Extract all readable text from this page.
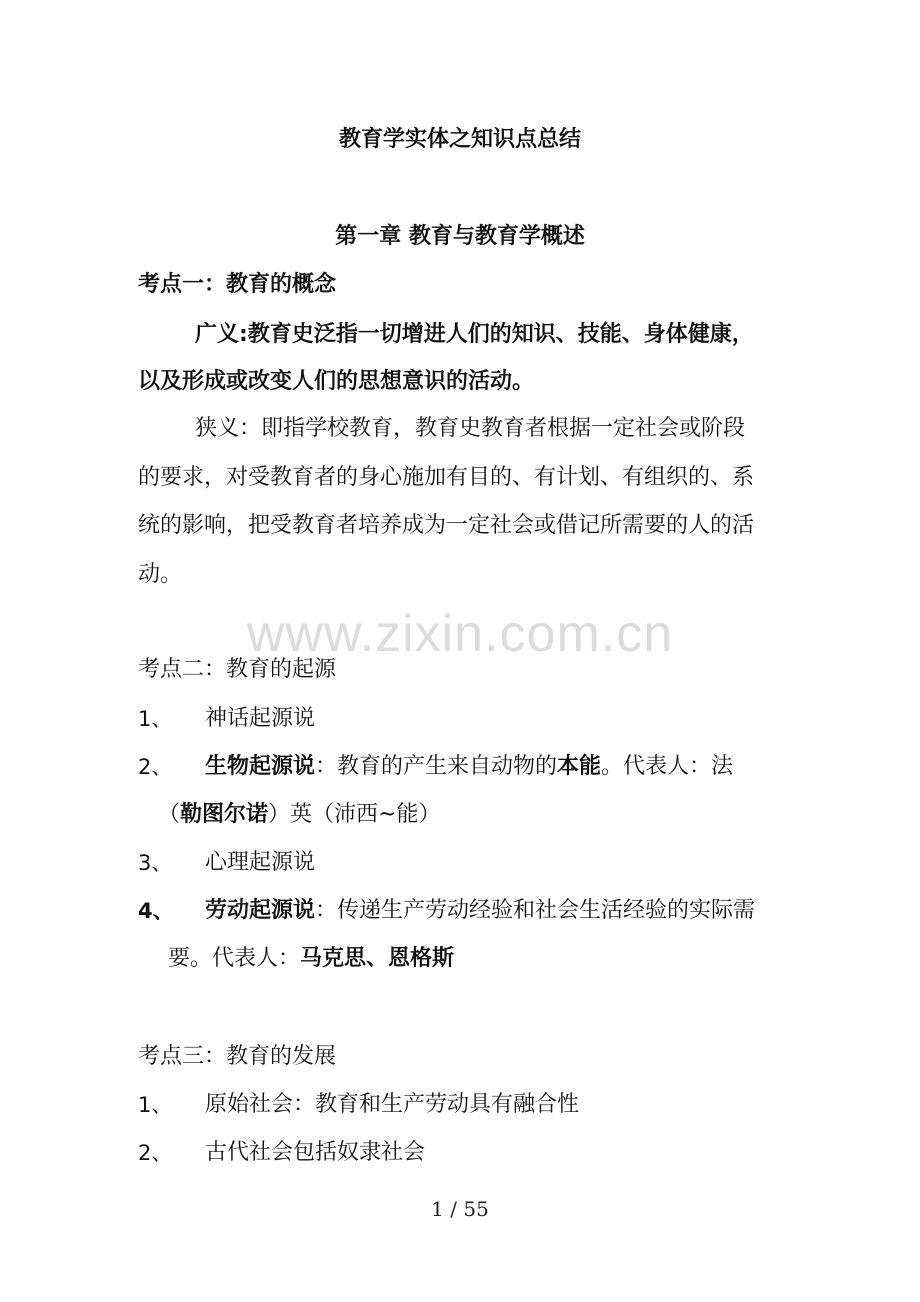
教育学实体之知识点总结
第一章 教育与教育学概述
考点一：教育的概念
广义:教育史泛指一切增进人们的知识、技能、身体健康，
以及形成或改变人们的思想意识的活动。
狭义：即指学校教育，教育史教育者根据一定社会或阶段
的要求，对受教育者的身心施加有目的、有计划、有组织的、系
统的影响，把受教育者培养成为一定社会或借记所需要的人的活
动。
www.zixin.com.cn
考点二：教育的起源
1、 神话起源说
2、 生物起源说：教育的产生来自动物的本能。代表人：法
（勒图尔诺）英（沛西~能）
3、 心理起源说
4、 劳动起源说：传递生产劳动经验和社会生活经验的实际需
要。代表人：马克思、恩格斯
考点三：教育的发展
1、 原始社会：教育和生产劳动具有融合性
2、 古代社会包括奴隶社会
1 / 55
